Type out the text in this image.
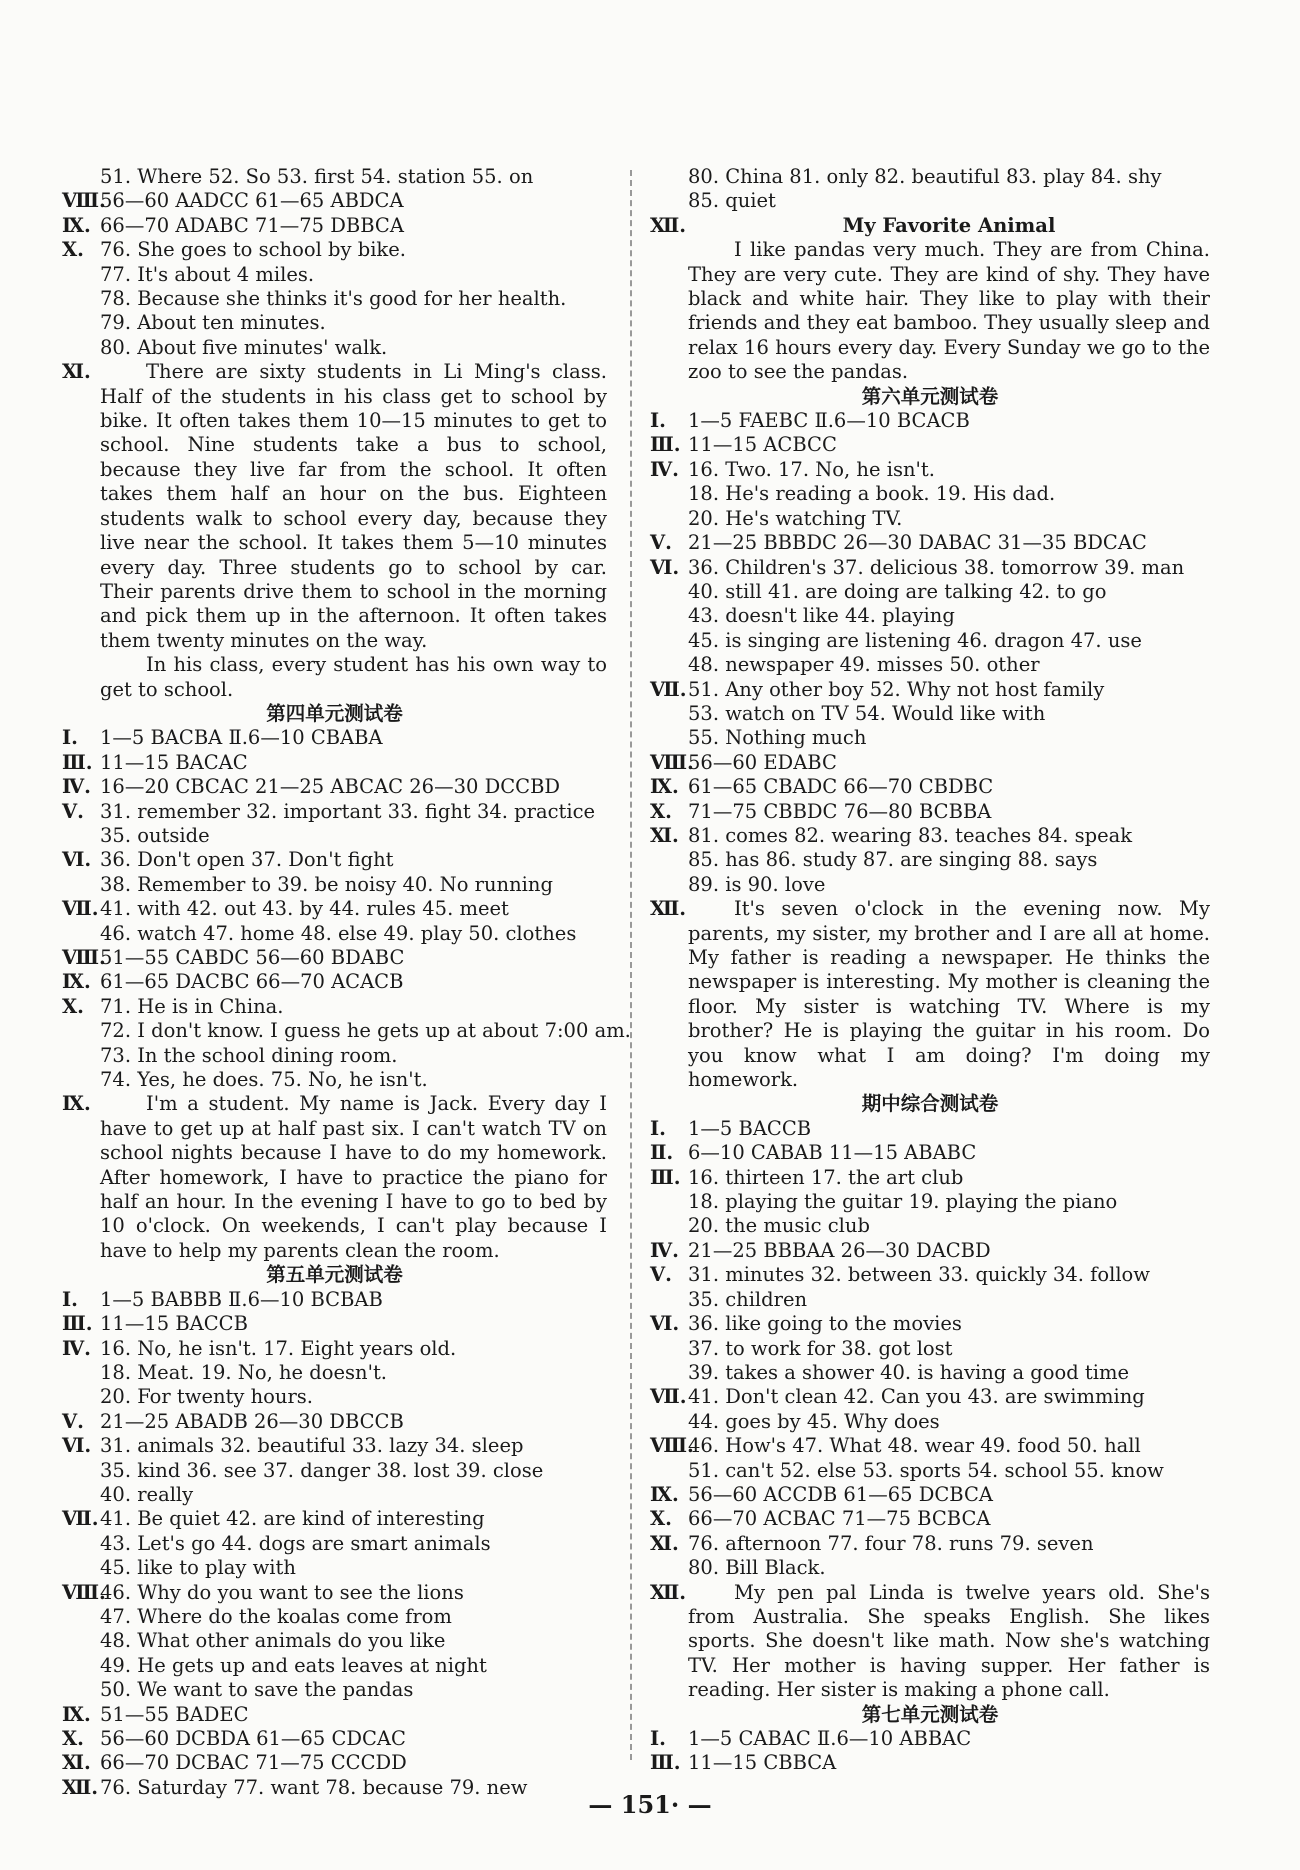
51. Where 52. So 53. first 54. station 55. on
Ⅷ.56—60 AADCC 61—65 ABDCA
Ⅸ. 66—70 ADABC 71—75 DBBCA
Ⅹ. 76. She goes to school by bike.
77. It's about 4 miles.
78. Because she thinks it's good for her health.
79. About ten minutes.
80. About five minutes' walk.
Ⅺ.	There are sixty students in Li Ming's class. Half of the students in his class get to school by bike. It often takes them 10—15 minutes to get to school. Nine students take a bus to school, because they live far from the school. It often takes them half an hour on the bus. Eighteen students walk to school every day, because they live near the school. It takes them 5—10 minutes every day. Three students go to school by car. Their parents drive them to school in the morning and pick them up in the afternoon. It often takes them twenty minutes on the way.

In his class, every student has his own way to get to school.

第四单元测试卷
Ⅰ. 1—5 BACBA Ⅱ.6—10 CBABA
Ⅲ. 11—15 BACAC
Ⅳ. 16—20 CBCAC 21—25 ABCAC 26—30 DCCBD
Ⅴ. 31. remember 32. important 33. fight 34. practice
35. outside
Ⅵ. 36. Don't open 37. Don't fight
38. Remember to 39. be noisy 40. No running
Ⅶ.41. with 42. out 43. by 44. rules 45. meet
46. watch 47. home 48. else 49. play 50. clothes
Ⅷ.51—55 CABDC 56—60 BDABC
Ⅸ. 61—65 DACBC 66—70 ACACB
Ⅹ. 71. He is in China.
72. I don't know. I guess he gets up at about 7:00 am.
73. In the school dining room.
74. Yes, he does. 75. No, he isn't.
Ⅸ.	I'm a student. My name is Jack. Every day I have to get up at half past six. I can't watch TV on school nights because I have to do my homework. After homework, I have to practice the piano for half an hour. In the evening I have to go to bed by 10 o'clock. On weekends, I can't play because I have to help my parents clean the room.

第五单元测试卷
Ⅰ. 1—5 BABBB Ⅱ.6—10 BCBAB
Ⅲ. 11—15 BACCB
Ⅳ. 16. No, he isn't. 17. Eight years old.
18. Meat. 19. No, he doesn't.
20. For twenty hours.
Ⅴ. 21—25 ABADB 26—30 DBCCB
Ⅵ. 31. animals 32. beautiful 33. lazy 34. sleep
35. kind 36. see 37. danger 38. lost 39. close
40. really
Ⅶ.41. Be quiet 42. are kind of interesting
43. Let's go 44. dogs are smart animals
45. like to play with
Ⅷ.46. Why do you want to see the lions
47. Where do the koalas come from
48. What other animals do you like
49. He gets up and eats leaves at night
50. We want to save the pandas
Ⅸ. 51—55 BADEC
Ⅹ. 56—60 DCBDA 61—65 CDCAC
Ⅺ. 66—70 DCBAC 71—75 CCCDD
Ⅻ.76. Saturday 77. want 78. because 79. new
80. China 81. only 82. beautiful 83. play 84. shy
85. quiet
Ⅻ.	My Favorite Animal

I like pandas very much. They are from China. They are very cute. They are kind of shy. They have black and white hair. They like to play with their friends and they eat bamboo. They usually sleep and relax 16 hours every day. Every Sunday we go to the zoo to see the pandas.

第六单元测试卷
Ⅰ. 1—5 FAEBC Ⅱ.6—10 BCACB
Ⅲ. 11—15 ACBCC
Ⅳ. 16. Two. 17. No, he isn't.
18. He's reading a book. 19. His dad.
20. He's watching TV.
Ⅴ. 21—25 BBBDC 26—30 DABAC 31—35 BDCAC
Ⅵ. 36. Children's 37. delicious 38. tomorrow 39. man
40. still 41. are doing are talking 42. to go
43. doesn't like 44. playing
45. is singing are listening 46. dragon 47. use
48. newspaper 49. misses 50. other
Ⅶ.51. Any other boy 52. Why not host family
53. watch on TV 54. Would like with
55. Nothing much
Ⅷ.56—60 EDABC
Ⅸ. 61—65 CBADC 66—70 CBDBC
Ⅹ. 71—75 CBBDC 76—80 BCBBA
Ⅺ. 81. comes 82. wearing 83. teaches 84. speak
85. has 86. study 87. are singing 88. says
89. is 90. love
Ⅻ.	It's seven o'clock in the evening now. My parents, my sister, my brother and I are all at home. My father is reading a newspaper. He thinks the newspaper is interesting. My mother is cleaning the floor. My sister is watching TV. Where is my brother? He is playing the guitar in his room. Do you know what I am doing? I'm doing my homework.

期中综合测试卷
Ⅰ. 1—5 BACCB
Ⅱ. 6—10 CABAB 11—15 ABABC
Ⅲ. 16. thirteen 17. the art club
18. playing the guitar 19. playing the piano
20. the music club
Ⅳ. 21—25 BBBAA 26—30 DACBD
Ⅴ. 31. minutes 32. between 33. quickly 34. follow
35. children
Ⅵ. 36. like going to the movies
37. to work for 38. got lost
39. takes a shower 40. is having a good time
Ⅶ.41. Don't clean 42. Can you 43. are swimming
44. goes by 45. Why does
Ⅷ.46. How's 47. What 48. wear 49. food 50. hall
51. can't 52. else 53. sports 54. school 55. know
Ⅸ. 56—60 ACCDB 61—65 DCBCA
Ⅹ. 66—70 ACBAC 71—75 BCBCA
Ⅺ. 76. afternoon 77. four 78. runs 79. seven
80. Bill Black.
Ⅻ.	My pen pal Linda is twelve years old. She's from Australia. She speaks English. She likes sports. She doesn't like math. Now she's watching TV. Her mother is having supper. Her father is reading. Her sister is making a phone call.

第七单元测试卷
Ⅰ. 1—5 CABAC Ⅱ.6—10 ABBAC
Ⅲ. 11—15 CBBCA
— 151· —
